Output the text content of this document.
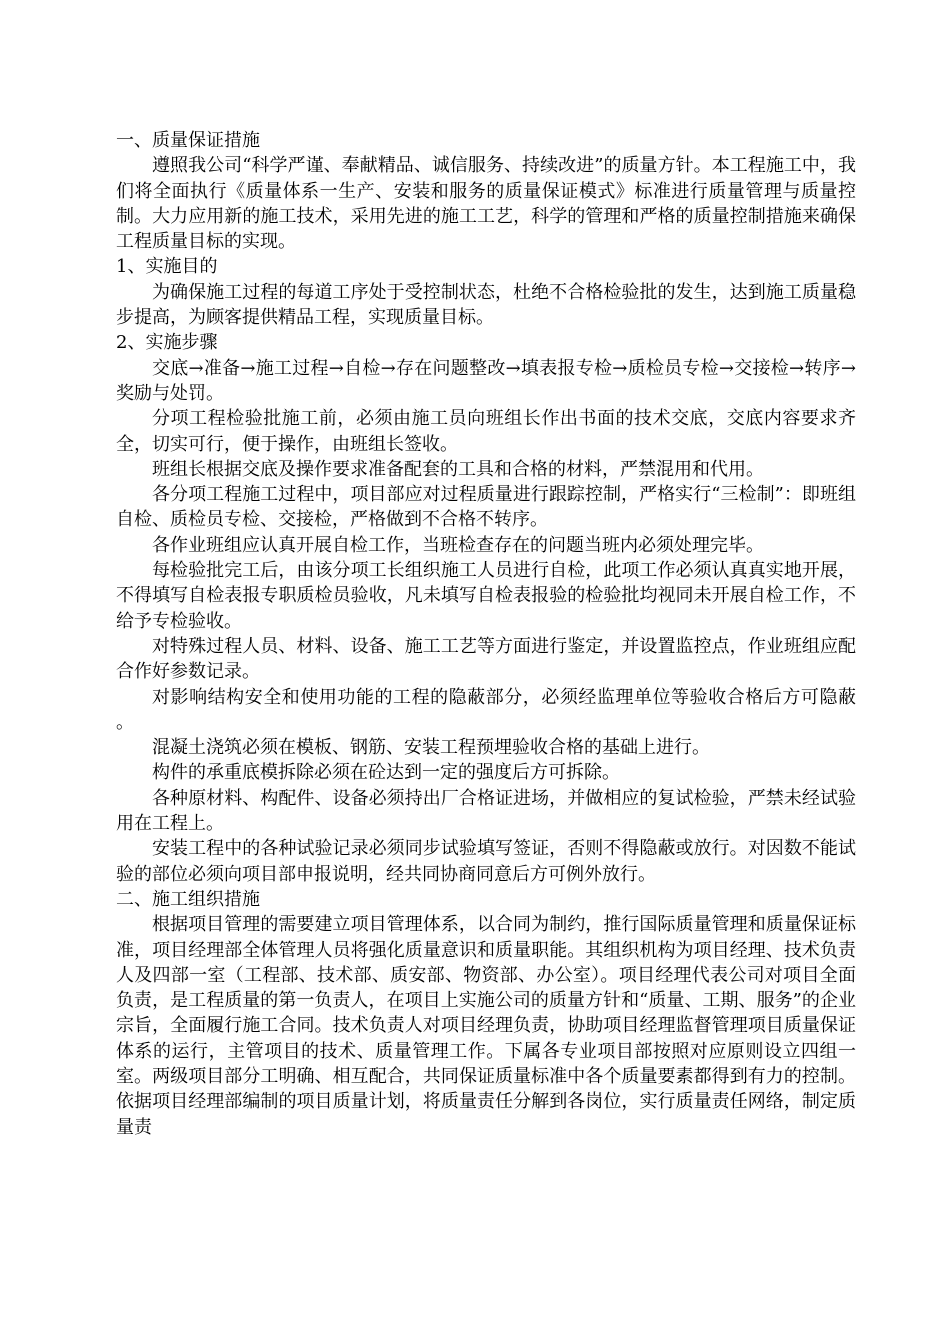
一、质量保证措施

遵照我公司“科学严谨、奉献精品、诚信服务、持续改进”的质量方针。本工程施工中，我们将全面执行《质量体系一生产、安装和服务的质量保证模式》标准进行质量管理与质量控制。大力应用新的施工技术，采用先进的施工工艺，科学的管理和严格的质量控制措施来确保工程质量目标的实现。

1、实施目的

为确保施工过程的每道工序处于受控制状态，杜绝不合格检验批的发生，达到施工质量稳步提高，为顾客提供精品工程，实现质量目标。

2、实施步骤

交底→准备→施工过程→自检→存在问题整改→填表报专检→质检员专检→交接检→转序→奖励与处罚。

分项工程检验批施工前，必须由施工员向班组长作出书面的技术交底，交底内容要求齐全，切实可行，便于操作，由班组长签收。

班组长根据交底及操作要求准备配套的工具和合格的材料，严禁混用和代用。

各分项工程施工过程中，项目部应对过程质量进行跟踪控制，严格实行“三检制”：即班组自检、质检员专检、交接检，严格做到不合格不转序。

各作业班组应认真开展自检工作，当班检查存在的问题当班内必须处理完毕。

每检验批完工后，由该分项工长组织施工人员进行自检，此项工作必须认真真实地开展，不得填写自检表报专职质检员验收，凡未填写自检表报验的检验批均视同未开展自检工作，不给予专检验收。

对特殊过程人员、材料、设备、施工工艺等方面进行鉴定，并设置监控点，作业班组应配合作好参数记录。

对影响结构安全和使用功能的工程的隐蔽部分，必须经监理单位等验收合格后方可隐蔽 。

混凝土浇筑必须在模板、钢筋、安装工程预埋验收合格的基础上进行。

构件的承重底模拆除必须在砼达到一定的强度后方可拆除。

各种原材料、构配件、设备必须持出厂合格证进场，并做相应的复试检验，严禁未经试验用在工程上。

安装工程中的各种试验记录必须同步试验填写签证，否则不得隐蔽或放行。对因数不能试验的部位必须向项目部申报说明，经共同协商同意后方可例外放行。

二、施工组织措施

根据项目管理的需要建立项目管理体系，以合同为制约，推行国际质量管理和质量保证标准，项目经理部全体管理人员将强化质量意识和质量职能。其组织机构为项目经理、技术负责人及四部一室（工程部、技术部、质安部、物资部、办公室）。项目经理代表公司对项目全面负责，是工程质量的第一负责人，在项目上实施公司的质量方针和“质量、工期、服务”的企业宗旨，全面履行施工合同。技术负责人对项目经理负责，协助项目经理监督管理项目质量保证体系的运行，主管项目的技术、质量管理工作。下属各专业项目部按照对应原则设立四组一室。两级项目部分工明确、相互配合，共同保证质量标准中各个质量要素都得到有力的控制。依据项目经理部编制的项目质量计划，将质量责任分解到各岗位，实行质量责任网络，制定质量责
